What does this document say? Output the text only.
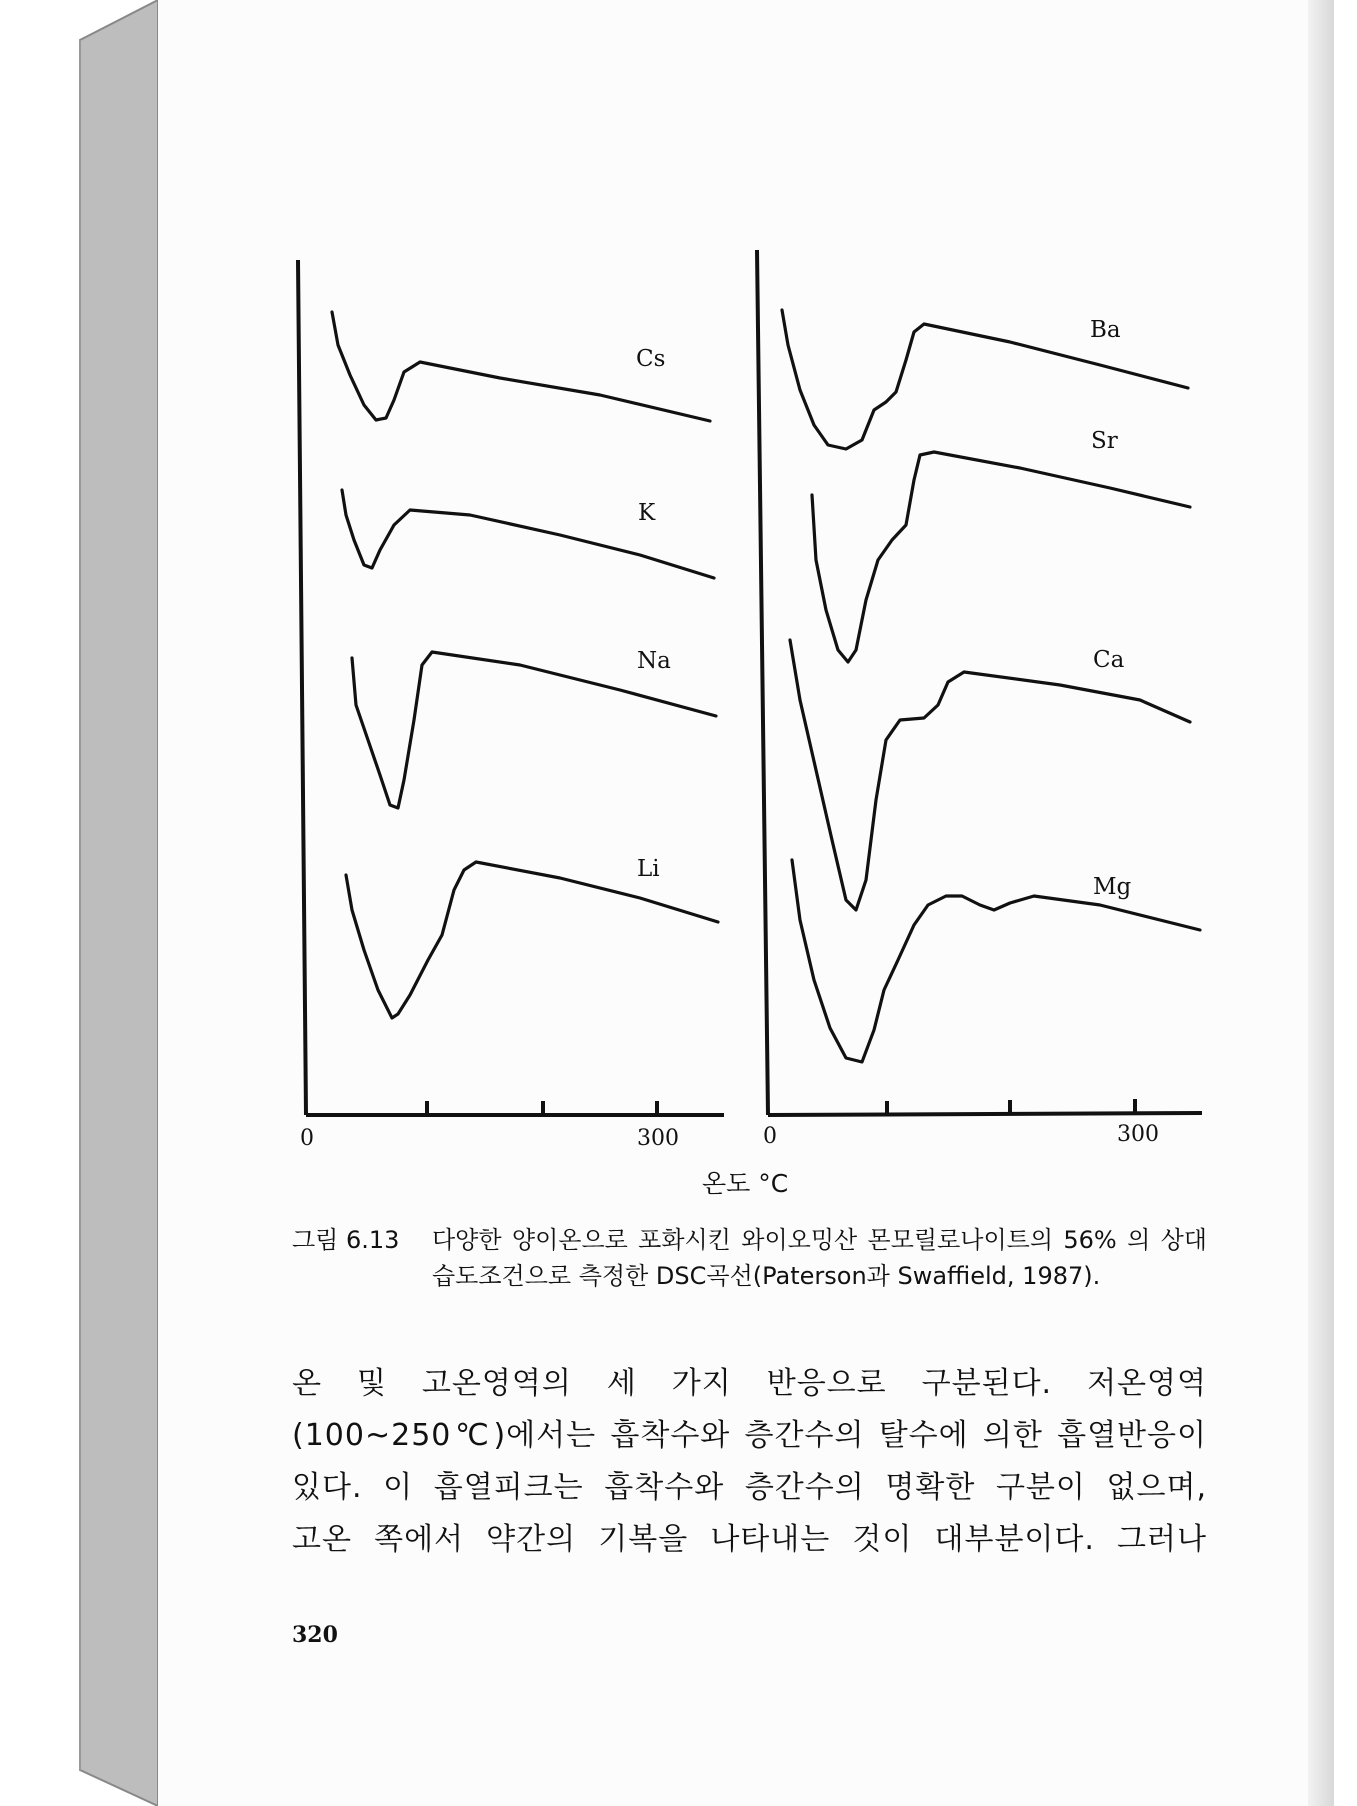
0	300
Cs
K
Na
Li
0	300
Ba
Sr
Ca
Mg
온도 °C
그림 6.13 다양한 양이온으로 포화시킨 와이오밍산 몬모릴로나이트의 56% 의 상대습도조건으로 측정한 DSC곡선(Paterson과 Swaffield, 1987).
온 및 고온영역의 세 가지 반응으로 구분된다. 저온영역
(100~250℃)에서는 흡착수와 층간수의 탈수에 의한 흡열반응이
있다. 이 흡열피크는 흡착수와 층간수의 명확한 구분이 없으며,
고온 쪽에서 약간의 기복을 나타내는 것이 대부분이다. 그러나
320
